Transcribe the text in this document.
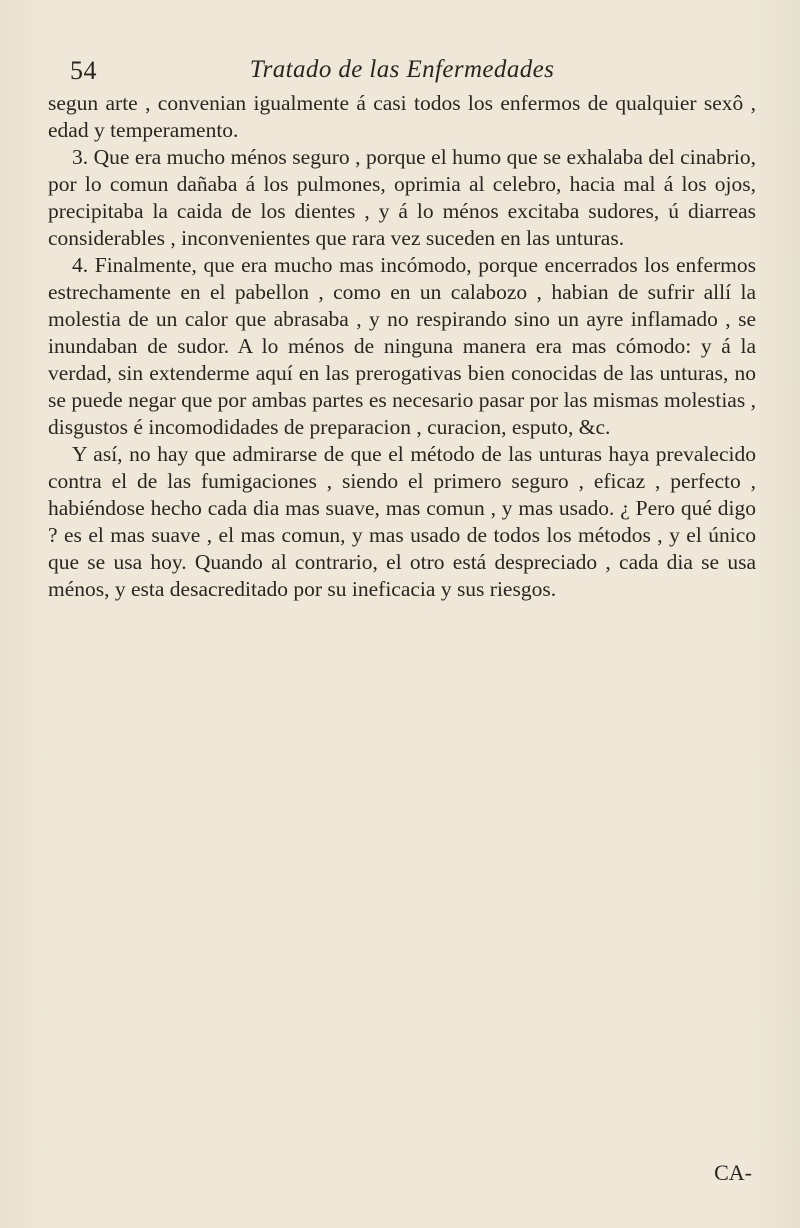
54	Tratado de las Enfermedades

segun arte , convenian igualmente á casi todos los enfermos de qualquier sexô , edad y temperamento.

3. Que era mucho ménos seguro , porque el humo que se exhalaba del cinabrio, por lo comun dañaba á los pulmones, oprimia al celebro, hacia mal á los ojos, precipitaba la caida de los dientes , y á lo ménos excitaba sudores, ú diarreas considerables , inconvenientes que rara vez suceden en las unturas.

4. Finalmente, que era mucho mas incómodo, porque encerrados los enfermos estrechamente en el pabellon , como en un calabozo , habian de sufrir allí la molestia de un calor que abrasaba , y no respirando sino un ayre inflamado , se inundaban de sudor. A lo ménos de ninguna manera era mas cómodo: y á la verdad, sin extenderme aquí en las prerogativas bien conocidas de las unturas, no se puede negar que por ambas partes es necesario pasar por las mismas molestias , disgustos é incomodidades de preparacion , curacion, esputo, &c.

Y así, no hay que admirarse de que el método de las unturas haya prevalecido contra el de las fumigaciones , siendo el primero seguro , eficaz , perfecto , habiéndose hecho cada dia mas suave, mas comun , y mas usado. ¿ Pero qué digo ? es el mas suave , el mas comun, y mas usado de todos los métodos , y el único que se usa hoy. Quando al contrario, el otro está despreciado , cada dia se usa ménos, y esta desacreditado por su ineficacia y sus riesgos.

CA-
